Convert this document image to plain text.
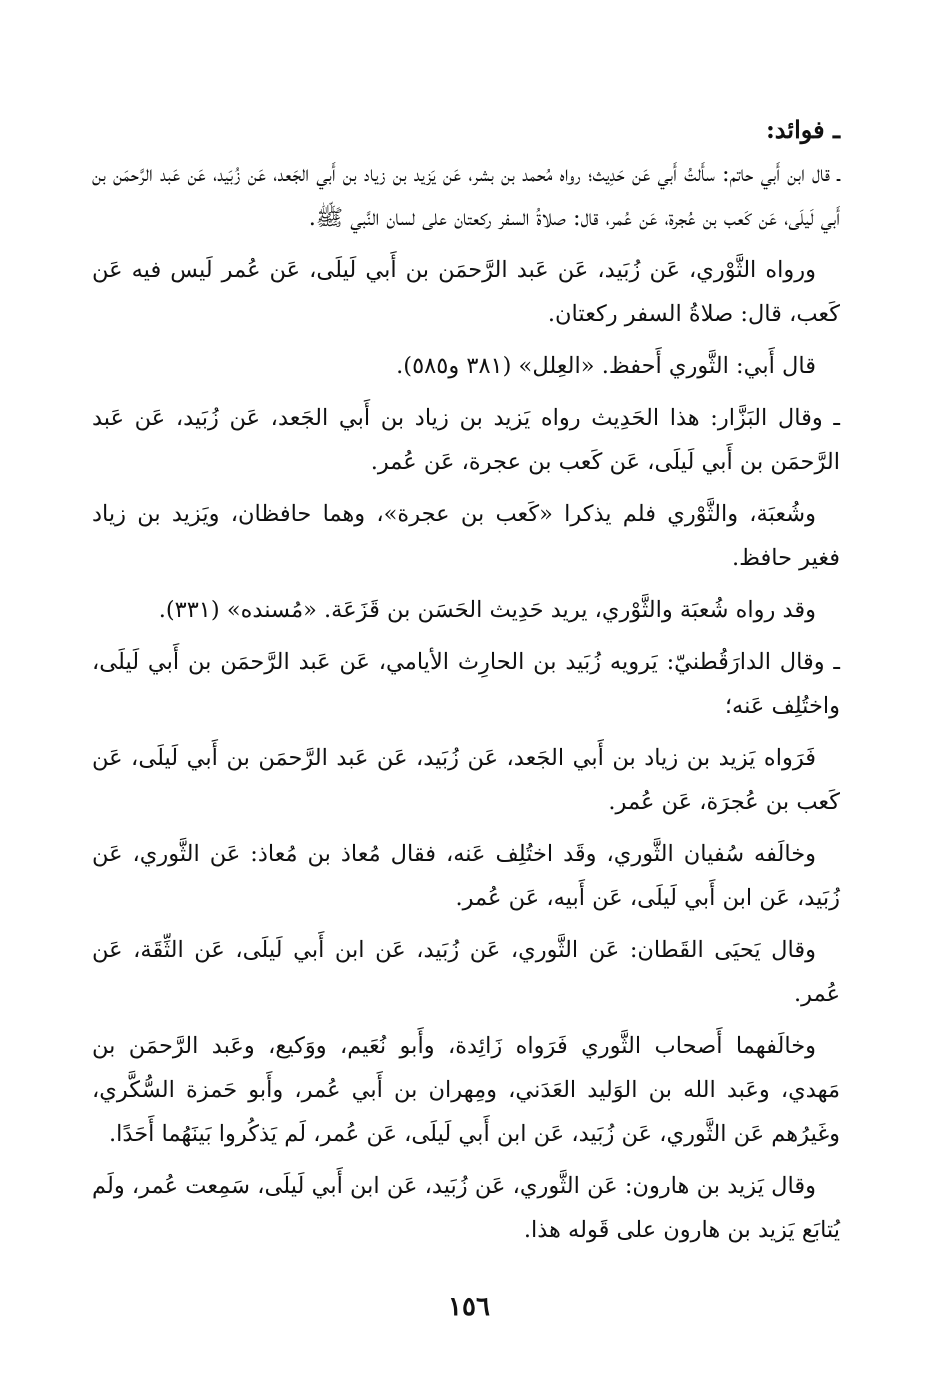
ـ فوائد:

ـ قال ابن أَبي حاتم: سأَلتُ أَبي عَن حَدِيث؛ رواه مُحمد بن بشر، عَن يَزيد بن زياد بن أَبي الجَعد، عَن زُبَيد، عَن عَبد الرَّحمَن بن أَبي لَيلَى، عَن كَعب بن عُجرة، عَن عُمر، قال: صلاةُ السفر ركعتان على لسان النَّبي ﷺ.

ورواه الثَّوْري، عَن زُبَيد، عَن عَبد الرَّحمَن بن أَبي لَيلَى، عَن عُمر لَيس فيه عَن كَعب، قال: صلاةُ السفر ركعتان.

قال أَبي: الثَّوري أَحفظ. «العِلل» (٣٨١ و٥٨٥).

ـ وقال البَزَّار: هذا الحَدِيث رواه يَزيد بن زياد بن أَبي الجَعد، عَن زُبَيد، عَن عَبد الرَّحمَن بن أَبي لَيلَى، عَن كَعب بن عجرة، عَن عُمر.

وشُعبَة، والثَّوْري فلم يذكرا «كَعب بن عجرة»، وهما حافظان، ويَزيد بن زياد فغير حافظ.

وقد رواه شُعبَة والثَّوْري، يريد حَدِيث الحَسَن بن قَزَعَة. «مُسنده» (٣٣١).

ـ وقال الدارَقُطنيّ: يَرويه زُبَيد بن الحارِث الأيامي، عَن عَبد الرَّحمَن بن أَبي لَيلَى، واختُلِف عَنه؛

فَرَواه يَزيد بن زياد بن أَبي الجَعد، عَن زُبَيد، عَن عَبد الرَّحمَن بن أَبي لَيلَى، عَن كَعب بن عُجرَة، عَن عُمر.

وخالَفه سُفيان الثَّوري، وقَد اختُلِف عَنه، فقال مُعاذ بن مُعاذ: عَن الثَّوري، عَن زُبَيد، عَن ابن أَبي لَيلَى، عَن أَبيه، عَن عُمر.

وقال يَحيَى القَطان: عَن الثَّوري، عَن زُبَيد، عَن ابن أَبي لَيلَى، عَن الثِّقَة، عَن عُمر.

وخالَفهما أَصحاب الثَّوري فَرَواه زَائِدة، وأَبو نُعَيم، ووَكيع، وعَبد الرَّحمَن بن مَهدي، وعَبد الله بن الوَليد العَدَني، ومِهران بن أَبي عُمر، وأَبو حَمزة السُّكَّري، وغَيرُهم عَن الثَّوري، عَن زُبَيد، عَن ابن أَبي لَيلَى، عَن عُمر، لَم يَذكُروا بَينَهُما أَحَدًا.

وقال يَزيد بن هارون: عَن الثَّوري، عَن زُبَيد، عَن ابن أَبي لَيلَى، سَمِعت عُمر، ولَم يُتابَع يَزيد بن هارون على قَوله هذا.

١٥٦
